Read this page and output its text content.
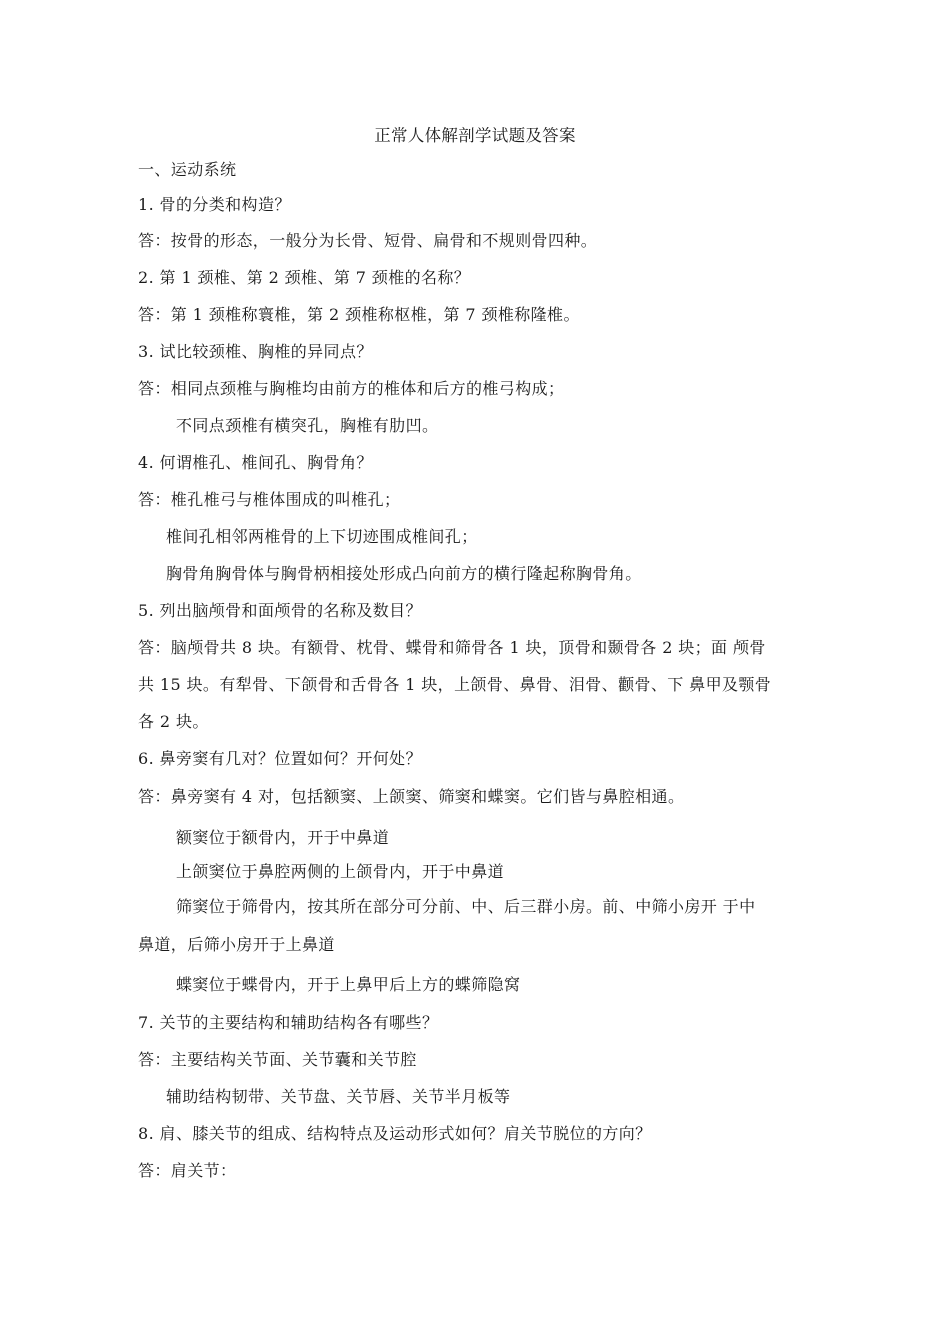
正常人体解剖学试题及答案
一、运动系统
1. 骨的分类和构造？
答：按骨的形态，一般分为长骨、短骨、扁骨和不规则骨四种。
2. 第 1 颈椎、第 2 颈椎、第 7 颈椎的名称？
答：第 1 颈椎称寰椎，第 2 颈椎称枢椎，第 7 颈椎称隆椎。
3. 试比较颈椎、胸椎的异同点？
答：相同点颈椎与胸椎均由前方的椎体和后方的椎弓构成；
不同点颈椎有横突孔，胸椎有肋凹。
4. 何谓椎孔、椎间孔、胸骨角？
答：椎孔椎弓与椎体围成的叫椎孔；
椎间孔相邻两椎骨的上下切迹围成椎间孔；
胸骨角胸骨体与胸骨柄相接处形成凸向前方的横行隆起称胸骨角。
5. 列出脑颅骨和面颅骨的名称及数目？
答：脑颅骨共 8 块。有额骨、枕骨、蝶骨和筛骨各 1 块，顶骨和颞骨各 2 块；面 颅骨
共 15 块。有犁骨、下颌骨和舌骨各 1 块，上颌骨、鼻骨、泪骨、颧骨、下 鼻甲及颚骨
各 2 块。
6. 鼻旁窦有几对？位置如何？开何处？
答：鼻旁窦有 4 对，包括额窦、上颌窦、筛窦和蝶窦。它们皆与鼻腔相通。
额窦位于额骨内，开于中鼻道
上颌窦位于鼻腔两侧的上颌骨内，开于中鼻道
筛窦位于筛骨内，按其所在部分可分前、中、后三群小房。前、中筛小房开 于中
鼻道，后筛小房开于上鼻道
蝶窦位于蝶骨内，开于上鼻甲后上方的蝶筛隐窝
7. 关节的主要结构和辅助结构各有哪些？
答：主要结构关节面、关节囊和关节腔
辅助结构韧带、关节盘、关节唇、关节半月板等
8. 肩、膝关节的组成、结构特点及运动形式如何？肩关节脱位的方向？
答：肩关节：
